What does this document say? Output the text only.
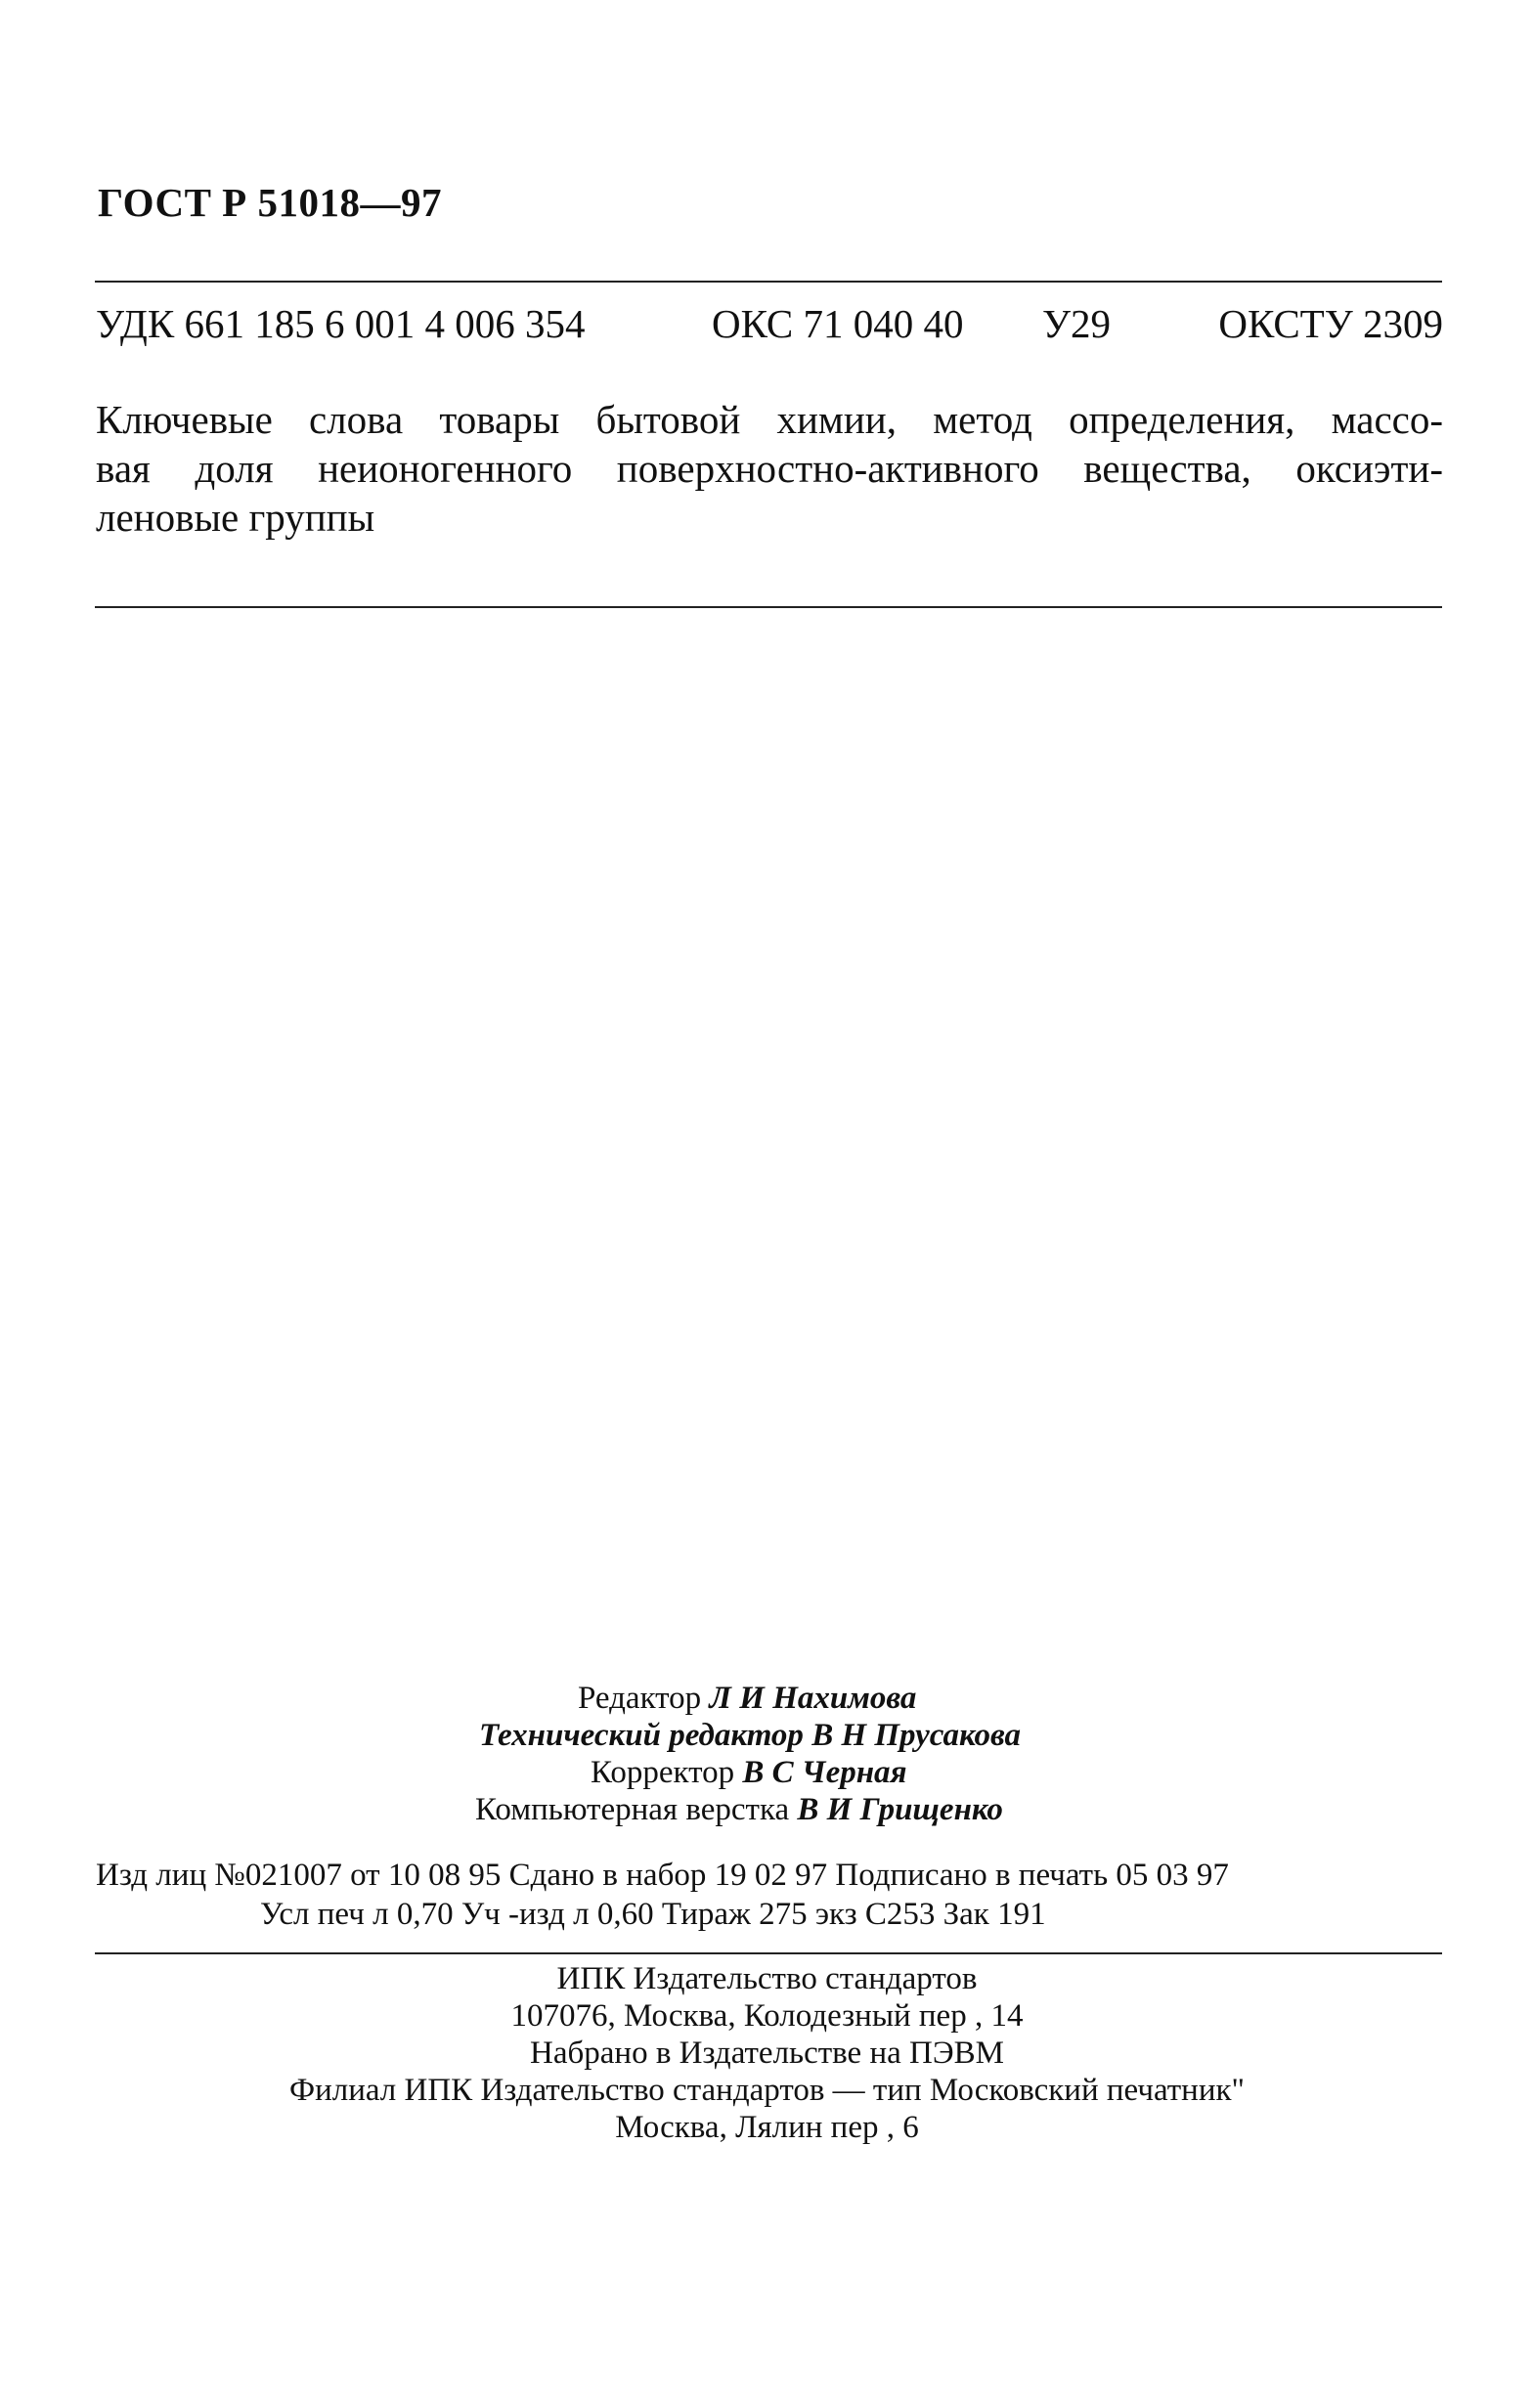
ГОСТ Р 51018—97
УДК 661 185 6 001 4 006 354	ОКС 71 040 40 У29	ОКСТУ 2309
Ключевые слова товары бытовой химии, метод определения, массо-
вая доля неионогенного поверхностно-активного вещества, оксиэти-
леновые группы
Редактор Л И Нахимова
Технический редактор В Н Прусакова
Корректор В С Черная
Компьютерная верстка В И Грищенко
Изд лиц №021007 от 10 08 95 Сдано в набор 19 02 97 Подписано в печать 05 03 97
Усл печ л 0,70 Уч -изд л 0,60 Тираж 275 экз С253 Зак 191
ИПК Издательство стандартов
107076, Москва, Колодезный пер , 14
Набрано в Издательстве на ПЭВМ
Филиал ИПК Издательство стандартов — тип Московский печатник"
Москва, Лялин пер , 6
